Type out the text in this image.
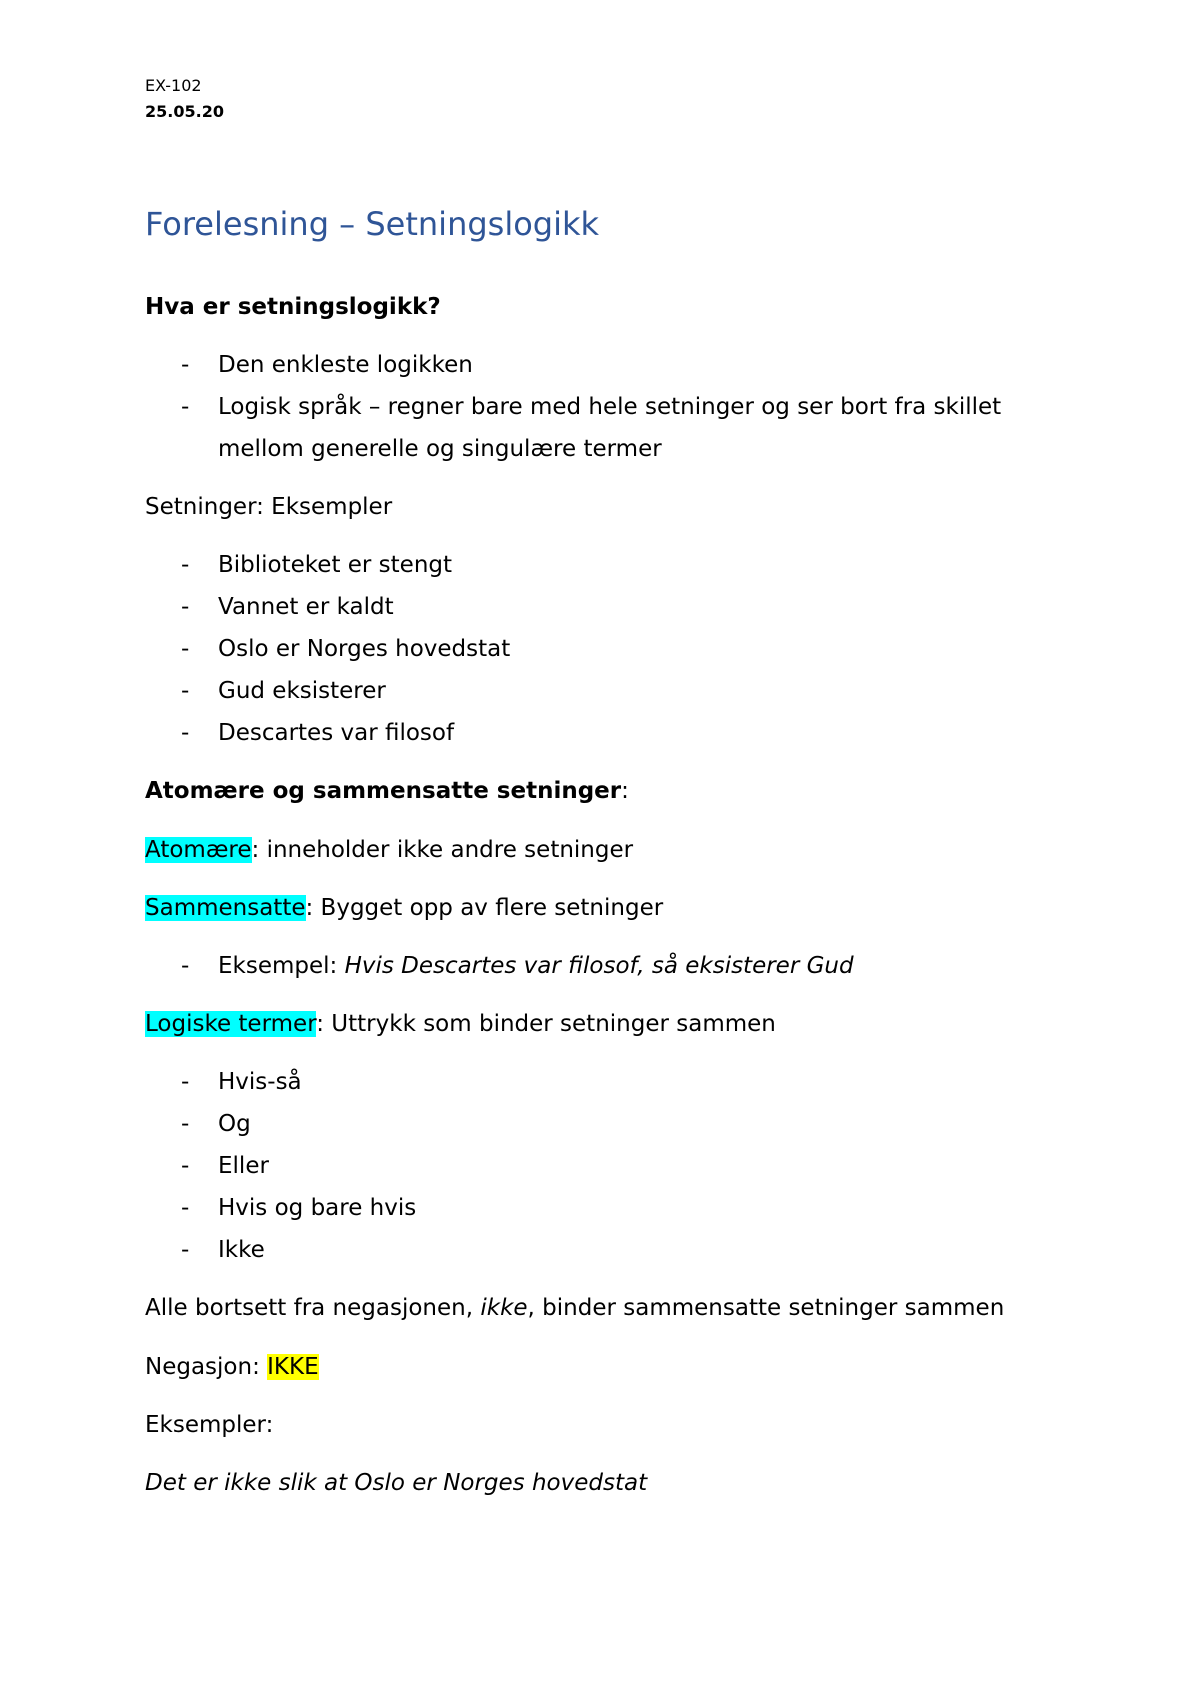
EX-102
25.05.20
Forelesning – Setningslogikk
Hva er setningslogikk?
- Den enkleste logikken
- Logisk språk – regner bare med hele setninger og ser bort fra skillet
mellom generelle og singulære termer
Setninger: Eksempler
- Biblioteket er stengt
- Vannet er kaldt
- Oslo er Norges hovedstat
- Gud eksisterer
- Descartes var filosof
Atomære og sammensatte setninger:
Atomære: inneholder ikke andre setninger
Sammensatte: Bygget opp av flere setninger
- Eksempel: Hvis Descartes var filosof, så eksisterer Gud
Logiske termer: Uttrykk som binder setninger sammen
- Hvis-så
- Og
- Eller
- Hvis og bare hvis
- Ikke
Alle bortsett fra negasjonen, ikke, binder sammensatte setninger sammen
Negasjon: IKKE
Eksempler:
Det er ikke slik at Oslo er Norges hovedstat
